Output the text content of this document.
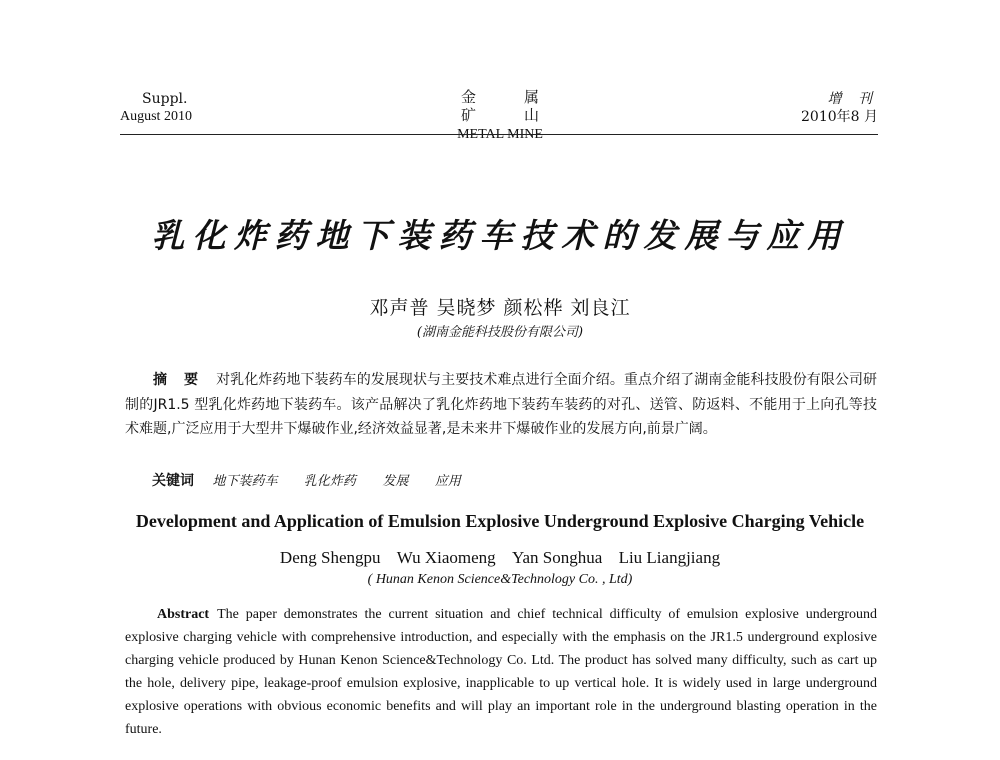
Suppl.
August 2010
金属矿山
METAL MINE
增 刊
2010年8 月
乳化炸药地下装药车技术的发展与应用
邓声普 吴晓梦 颜松桦 刘良江
(湖南金能科技股份有限公司)
摘 要 对乳化炸药地下装药车的发展现状与主要技术难点进行全面介绍。重点介绍了湖南金能科技股份有限公司研制的JR1.5 型乳化炸药地下装药车。该产品解决了乳化炸药地下装药车装药的对孔、送管、防返料、不能用于上向孔等技术难题,广泛应用于大型井下爆破作业,经济效益显著,是未来井下爆破作业的发展方向,前景广阔。
关键词 地下装药车 乳化炸药 发展 应用
Development and Application of Emulsion Explosive Underground Explosive Charging Vehicle
Deng Shengpu Wu Xiaomeng Yan Songhua Liu Liangjiang
( Hunan Kenon Science&Technology Co. , Ltd)
Abstract The paper demonstrates the current situation and chief technical difficulty of emulsion explosive underground explosive charging vehicle with comprehensive introduction, and especially with the emphasis on the JR1.5 underground explosive charging vehicle produced by Hunan Kenon Science&Technology Co. Ltd. The product has solved many difficulty, such as cart up the hole, delivery pipe, leakage-proof emulsion explosive, inapplicable to up vertical hole. It is widely used in large underground explosive operations with obvious economic benefits and will play an important role in the underground blasting operation in the future.
